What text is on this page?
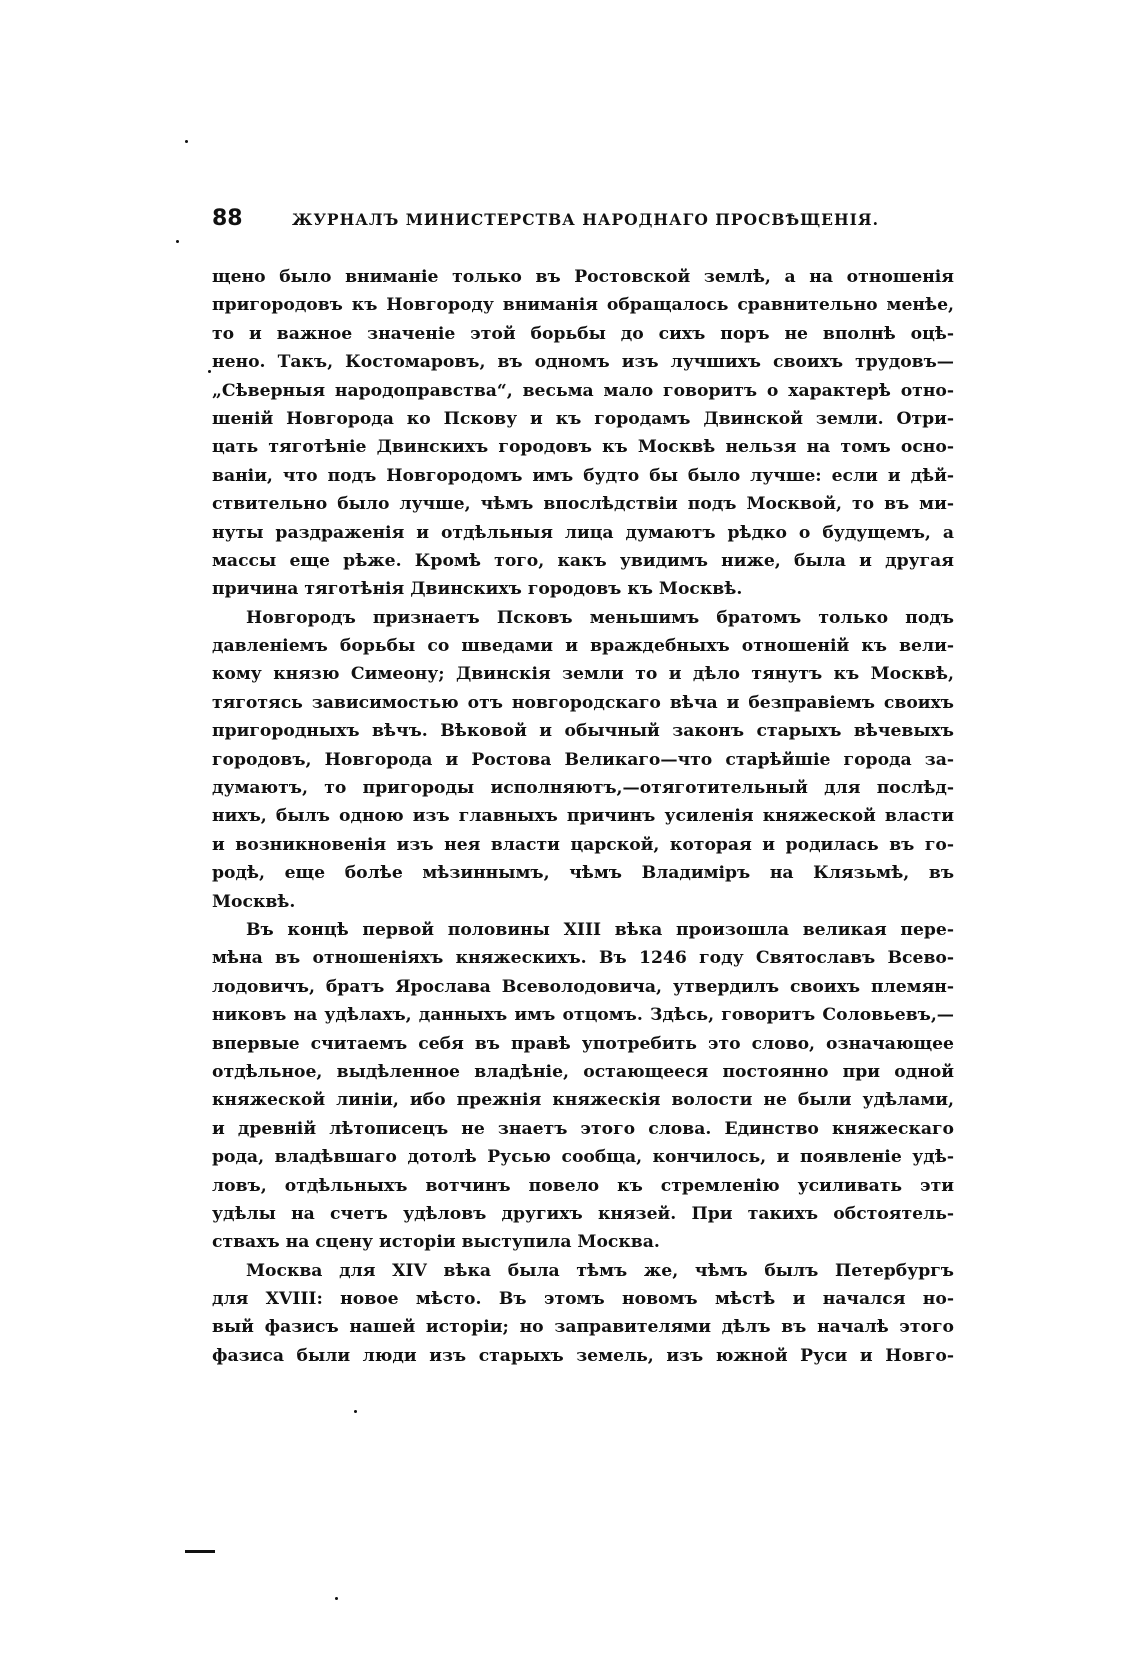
88	ЖУРНАЛЪ МИНИСТЕРСТВА НАРОДНАГО ПРОСВѢЩЕНІЯ.
щено было вниманіе только въ Ростовской землѣ, а на отношенія
пригородовъ къ Новгороду вниманія обращалось сравнительно менѣе,
то и важное значеніе этой борьбы до сихъ поръ не вполнѣ оцѣ-
нено. Такъ, Костомаровъ, въ одномъ изъ лучшихъ своихъ трудовъ—
„Сѣверныя народоправства“, весьма мало говоритъ о характерѣ отно-
шеній Новгорода ко Пскову и къ городамъ Двинской земли. Отри-
цать тяготѣніе Двинскихъ городовъ къ Москвѣ нельзя на томъ осно-
ваніи, что подъ Новгородомъ имъ будто бы было лучше: если и дѣй-
ствительно было лучше, чѣмъ впослѣдствіи подъ Москвой, то въ ми-
нуты раздраженія и отдѣльныя лица думаютъ рѣдко о будущемъ, а
массы еще рѣже. Кромѣ того, какъ увидимъ ниже, была и другая
причина тяготѣнія Двинскихъ городовъ къ Москвѣ.
Новгородъ признаетъ Псковъ меньшимъ братомъ только подъ
давленіемъ борьбы со шведами и враждебныхъ отношеній къ вели-
кому князю Симеону; Двинскія земли то и дѣло тянутъ къ Москвѣ,
тяготясь зависимостью отъ новгородскаго вѣча и безправіемъ своихъ
пригородныхъ вѣчъ. Вѣковой и обычный законъ старыхъ вѣчевыхъ
городовъ, Новгорода и Ростова Великаго—что старѣйшіе города за-
думаютъ, то пригороды исполняютъ,—отяготительный для послѣд-
нихъ, былъ одною изъ главныхъ причинъ усиленія княжеской власти
и возникновенія изъ нея власти царской, которая и родилась въ го-
родѣ, еще болѣе мѣзиннымъ, чѣмъ Владиміръ на Клязьмѣ, въ
Москвѣ.
Въ концѣ первой половины XIII вѣка произошла великая пере-
мѣна въ отношеніяхъ княжескихъ. Въ 1246 году Святославъ Всево-
лодовичъ, братъ Ярослава Всеволодовича, утвердилъ своихъ племян-
никовъ на удѣлахъ, данныхъ имъ отцомъ. Здѣсь, говоритъ Соловьевъ,—
впервые считаемъ себя въ правѣ употребить это слово, означающее
отдѣльное, выдѣленное владѣніе, остающееся постоянно при одной
княжеской линіи, ибо прежнія княжескія волости не были удѣлами,
и древній лѣтописецъ не знаетъ этого слова. Единство княжескаго
рода, владѣвшаго дотолѣ Русью сообща, кончилось, и появленіе удѣ-
ловъ, отдѣльныхъ вотчинъ повело къ стремленію усиливать эти
удѣлы на счетъ удѣловъ другихъ князей. При такихъ обстоятель-
ствахъ на сцену исторіи выступила Москва.
Москва для XIV вѣка была тѣмъ же, чѣмъ былъ Петербургъ
для XVIII: новое мѣсто. Въ этомъ новомъ мѣстѣ и начался но-
вый фазисъ нашей исторіи; но заправителями дѣлъ въ началѣ этого
фазиса были люди изъ старыхъ земель, изъ южной Руси и Новго-
